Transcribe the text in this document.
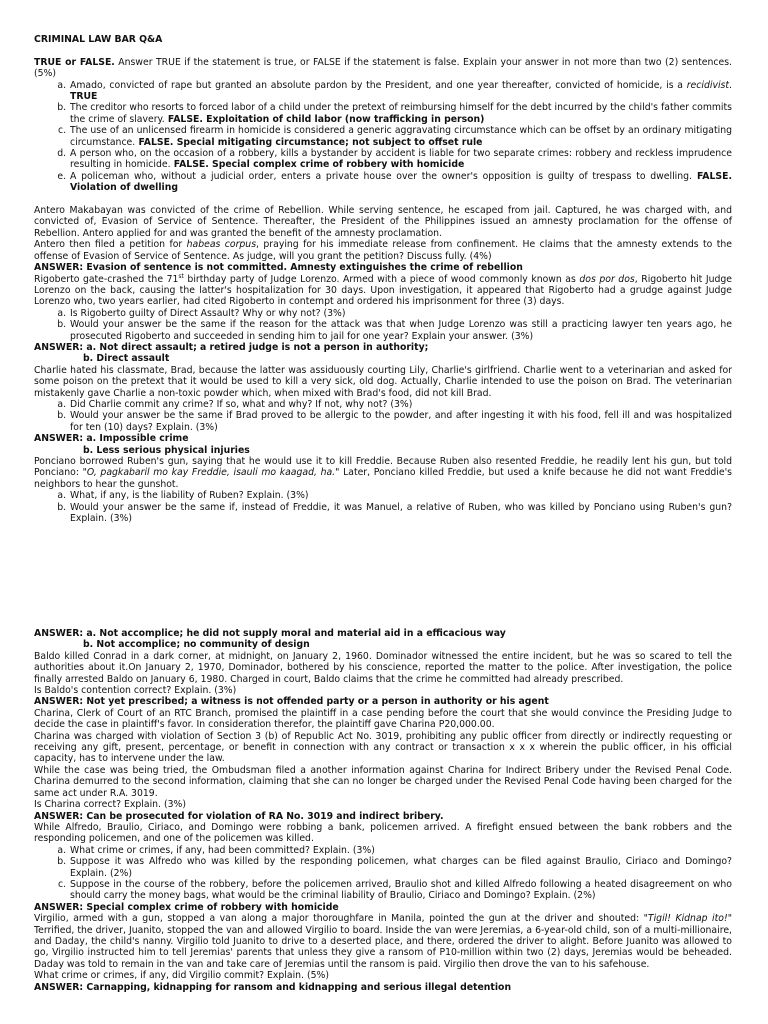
CRIMINAL LAW BAR Q&A

TRUE or FALSE. Answer TRUE if the statement is true, or FALSE if the statement is false. Explain your answer in not more than two (2) sentences. (5%)

a. Amado, convicted of rape but granted an absolute pardon by the President, and one year thereafter, convicted of homicide, is a recidivist. TRUE
b. The creditor who resorts to forced labor of a child under the pretext of reimbursing himself for the debt incurred by the child's father commits the crime of slavery. FALSE. Exploitation of child labor (now trafficking in person)
c. The use of an unlicensed firearm in homicide is considered a generic aggravating circumstance which can be offset by an ordinary mitigating circumstance. FALSE. Special mitigating circumstance; not subject to offset rule
d. A person who, on the occasion of a robbery, kills a bystander by accident is liable for two separate crimes: robbery and reckless imprudence resulting in homicide. FALSE. Special complex crime of robbery with homicide
e. A policeman who, without a judicial order, enters a private house over the owner's opposition is guilty of trespass to dwelling. FALSE. Violation of dwelling

Antero Makabayan was convicted of the crime of Rebellion. While serving sentence, he escaped from jail. Captured, he was charged with, and convicted of, Evasion of Service of Sentence. Thereafter, the President of the Philippines issued an amnesty proclamation for the offense of Rebellion. Antero applied for and was granted the benefit of the amnesty proclamation.

Antero then filed a petition for habeas corpus, praying for his immediate release from confinement. He claims that the amnesty extends to the offense of Evasion of Service of Sentence. As judge, will you grant the petition? Discuss fully. (4%)

ANSWER: Evasion of sentence is not committed. Amnesty extinguishes the crime of rebellion

Rigoberto gate-crashed the 71st birthday party of Judge Lorenzo. Armed with a piece of wood commonly known as dos por dos, Rigoberto hit Judge Lorenzo on the back, causing the latter's hospitalization for 30 days. Upon investigation, it appeared that Rigoberto had a grudge against Judge Lorenzo who, two years earlier, had cited Rigoberto in contempt and ordered his imprisonment for three (3) days.

a. Is Rigoberto guilty of Direct Assault? Why or why not? (3%)
b. Would your answer be the same if the reason for the attack was that when Judge Lorenzo was still a practicing lawyer ten years ago, he prosecuted Rigoberto and succeeded in sending him to jail for one year? Explain your answer. (3%)

ANSWER: a. Not direct assault; a retired judge is not a person in authority;

b. Direct assault

Charlie hated his classmate, Brad, because the latter was assiduously courting Lily, Charlie's girlfriend. Charlie went to a veterinarian and asked for some poison on the pretext that it would be used to kill a very sick, old dog. Actually, Charlie intended to use the poison on Brad. The veterinarian mistakenly gave Charlie a non-toxic powder which, when mixed with Brad's food, did not kill Brad.

a. Did Charlie commit any crime? If so, what and why? If not, why not? (3%)
b. Would your answer be the same if Brad proved to be allergic to the powder, and after ingesting it with his food, fell ill and was hospitalized for ten (10) days? Explain. (3%)

ANSWER: a. Impossible crime

b. Less serious physical injuries

Ponciano borrowed Ruben's gun, saying that he would use it to kill Freddie. Because Ruben also resented Freddie, he readily lent his gun, but told Ponciano: "O, pagkabaril mo kay Freddie, isauli mo kaagad, ha." Later, Ponciano killed Freddie, but used a knife because he did not want Freddie's neighbors to hear the gunshot.

a. What, if any, is the liability of Ruben? Explain. (3%)
b. Would your answer be the same if, instead of Freddie, it was Manuel, a relative of Ruben, who was killed by Ponciano using Ruben's gun? Explain. (3%)

ANSWER: a. Not accomplice; he did not supply moral and material aid in a efficacious way

b. Not accomplice; no community of design

Baldo killed Conrad in a dark corner, at midnight, on January 2, 1960. Dominador witnessed the entire incident, but he was so scared to tell the authorities about it.On January 2, 1970, Dominador, bothered by his conscience, reported the matter to the police. After investigation, the police finally arrested Baldo on January 6, 1980. Charged in court, Baldo claims that the crime he committed had already prescribed.

Is Baldo's contention correct? Explain. (3%)

ANSWER: Not yet prescribed; a witness is not offended party or a person in authority or his agent

Charina, Clerk of Court of an RTC Branch, promised the plaintiff in a case pending before the court that she would convince the Presiding Judge to decide the case in plaintiff's favor. In consideration therefor, the plaintiff gave Charina P20,000.00.

Charina was charged with violation of Section 3 (b) of Republic Act No. 3019, prohibiting any public officer from directly or indirectly requesting or receiving any gift, present, percentage, or benefit in connection with any contract or transaction x x x wherein the public officer, in his official capacity, has to intervene under the law.

While the case was being tried, the Ombudsman filed a another information against Charina for Indirect Bribery under the Revised Penal Code. Charina demurred to the second information, claiming that she can no longer be charged under the Revised Penal Code having been charged for the same act under R.A. 3019.

Is Charina correct? Explain. (3%)

ANSWER: Can be prosecuted for violation of RA No. 3019 and indirect bribery.

While Alfredo, Braulio, Ciriaco, and Domingo were robbing a bank, policemen arrived. A firefight ensued between the bank robbers and the responding policemen, and one of the policemen was killed.

a. What crime or crimes, if any, had been committed? Explain. (3%)
b. Suppose it was Alfredo who was killed by the responding policemen, what charges can be filed against Braulio, Ciriaco and Domingo? Explain. (2%)
c. Suppose in the course of the robbery, before the policemen arrived, Braulio shot and killed Alfredo following a heated disagreement on who should carry the money bags, what would be the criminal liability of Braulio, Ciriaco and Domingo? Explain. (2%)

ANSWER: Special complex crime of robbery with homicide

Virgilio, armed with a gun, stopped a van along a major thoroughfare in Manila, pointed the gun at the driver and shouted: "Tigil! Kidnap ito!" Terrified, the driver, Juanito, stopped the van and allowed Virgilio to board. Inside the van were Jeremias, a 6-year-old child, son of a multi-millionaire, and Daday, the child's nanny. Virgilio told Juanito to drive to a deserted place, and there, ordered the driver to alight. Before Juanito was allowed to go, Virgilio instructed him to tell Jeremias' parents that unless they give a ransom of P10-million within two (2) days, Jeremias would be beheaded. Daday was told to remain in the van and take care of Jeremias until the ransom is paid. Virgilio then drove the van to his safehouse.

What crime or crimes, if any, did Virgilio commit? Explain. (5%)

ANSWER: Carnapping, kidnapping for ransom and kidnapping and serious illegal detention
